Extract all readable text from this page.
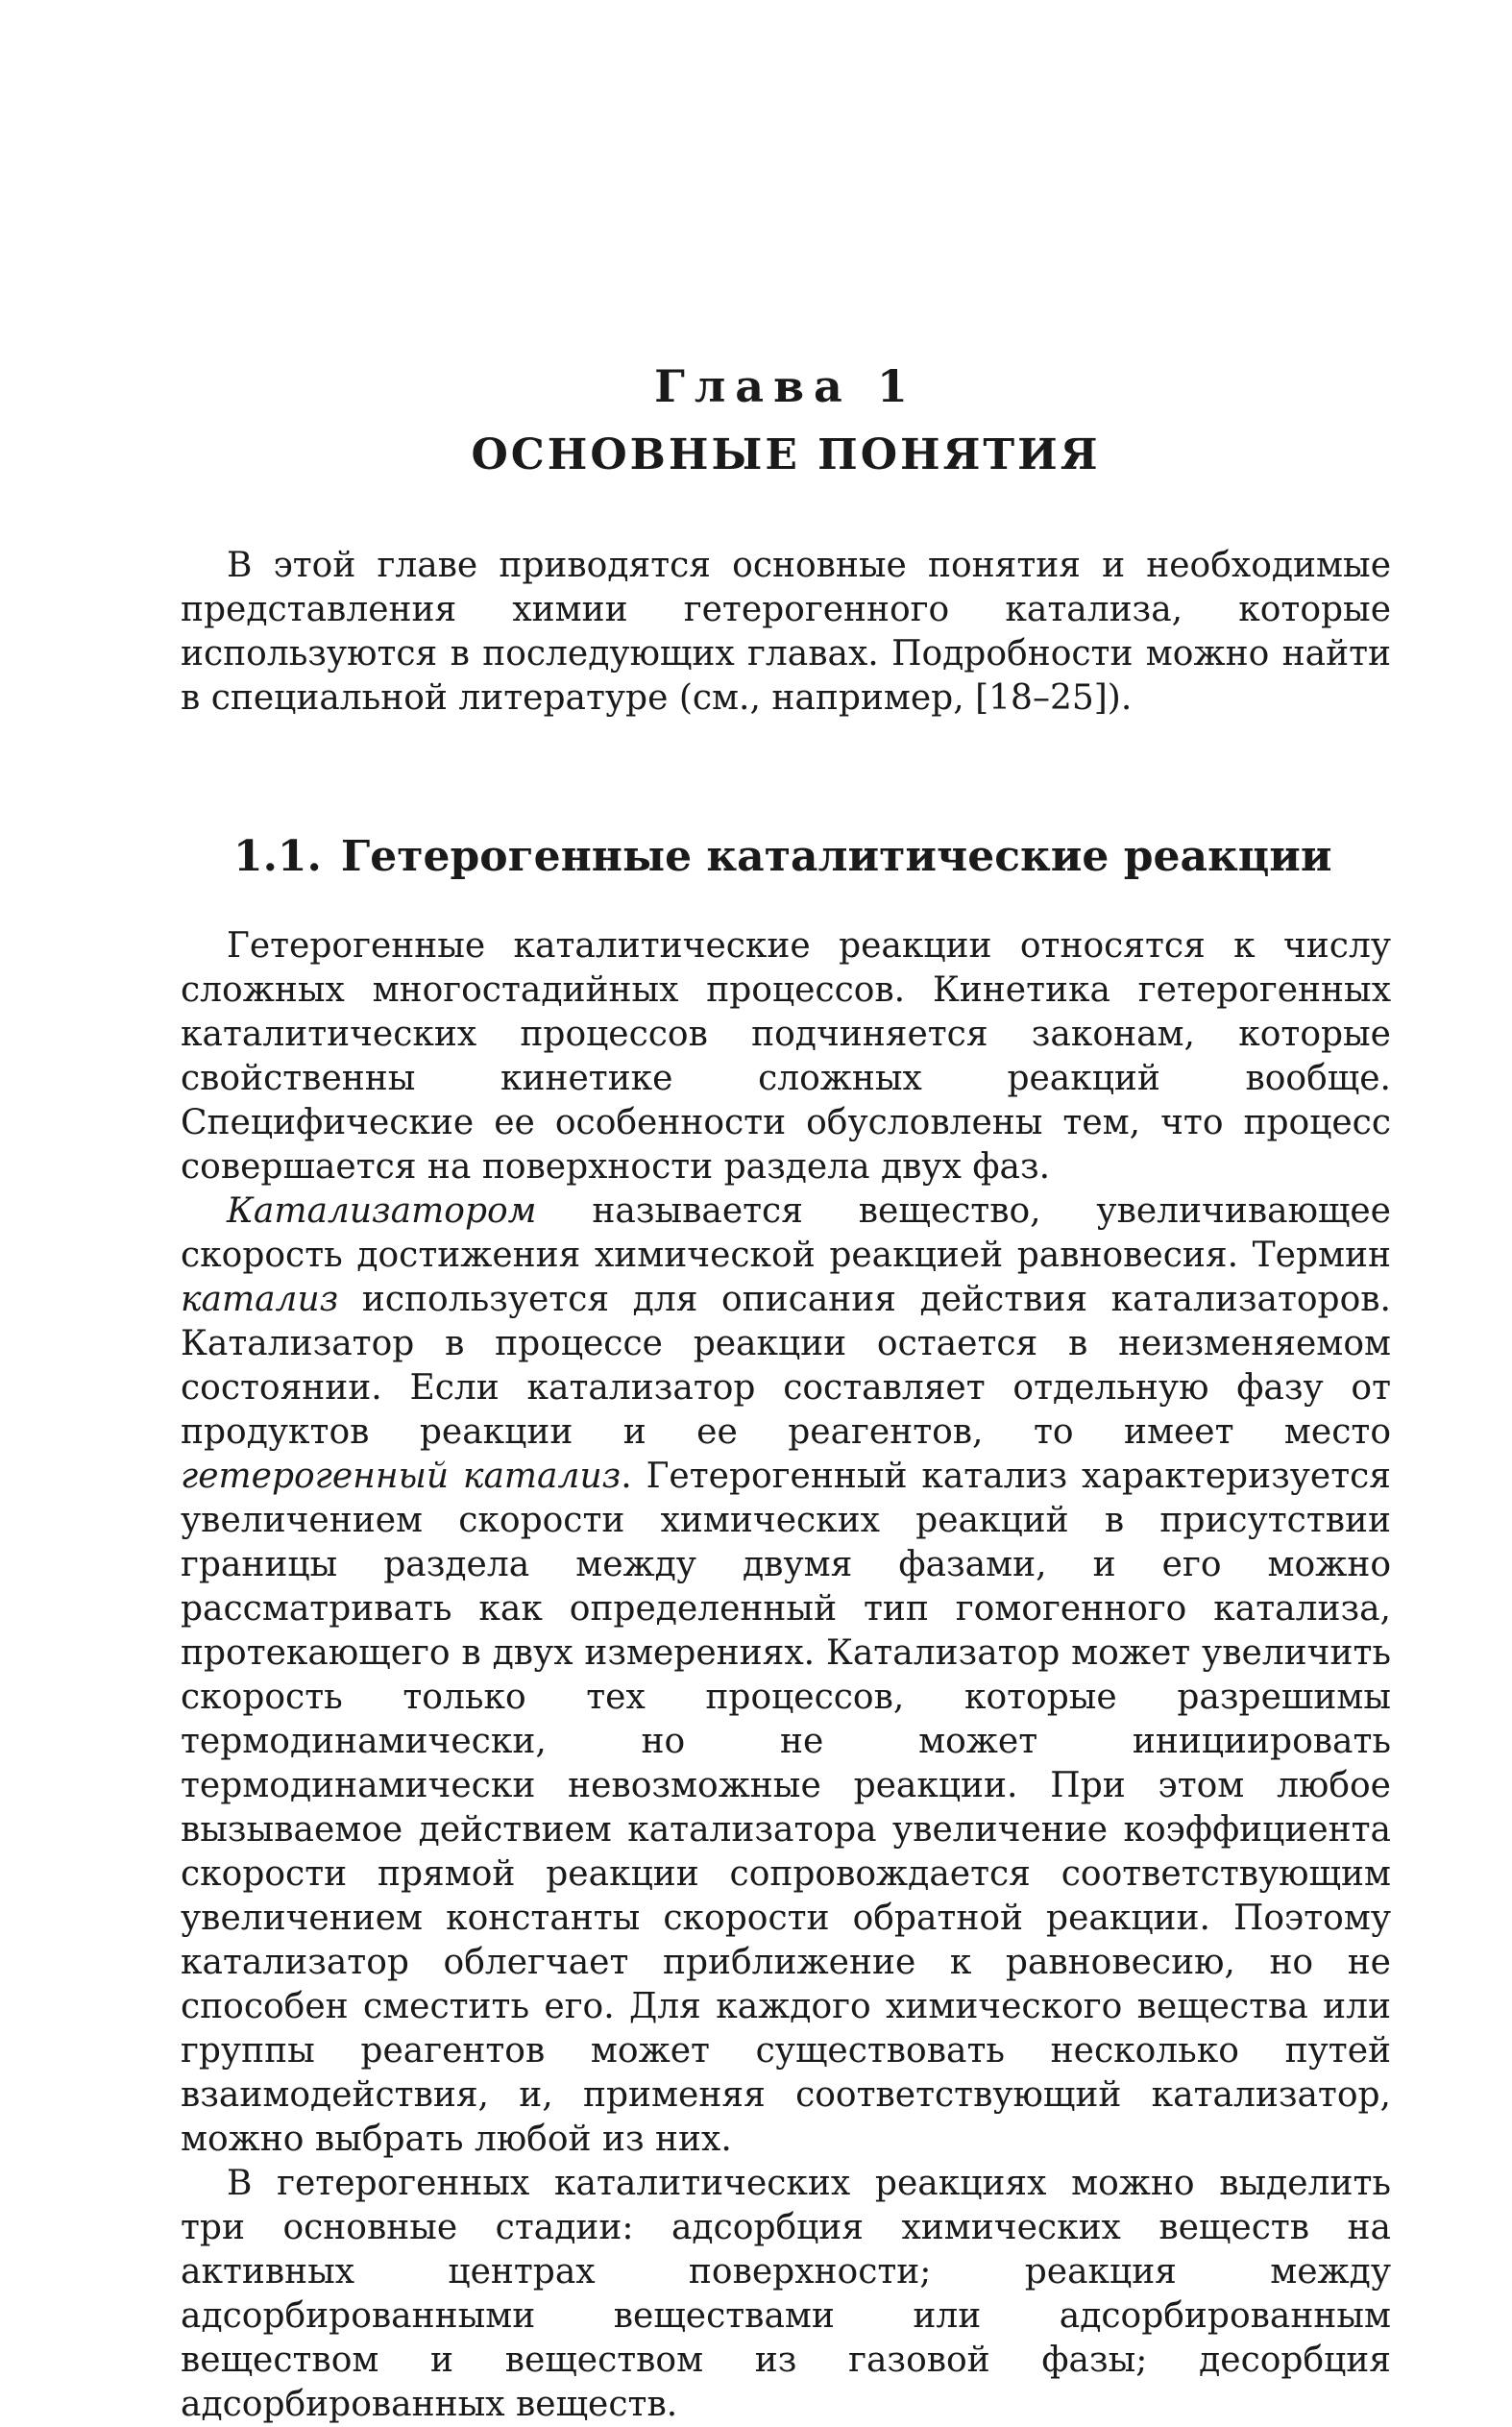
Глава 1
ОСНОВНЫЕ ПОНЯТИЯ

В этой главе приводятся основные понятия и необходимые представления химии гетерогенного катализа, которые используются в последующих главах. Подробности можно найти в специальной литературе (см., например, [18–25]).

1.1. Гетерогенные каталитические реакции

Гетерогенные каталитические реакции относятся к числу сложных многостадийных процессов. Кинетика гетерогенных каталитических процессов подчиняется законам, которые свойственны кинетике сложных реакций вообще. Специфические ее особенности обусловлены тем, что процесс совершается на поверхности раздела двух фаз.

Катализатором называется вещество, увеличивающее скорость достижения химической реакцией равновесия. Термин катализ используется для описания действия катализаторов. Катализатор в процессе реакции остается в неизменяемом состоянии. Если катализатор составляет отдельную фазу от продуктов реакции и ее реагентов, то имеет место гетерогенный катализ. Гетерогенный катализ характеризуется увеличением скорости химических реакций в присутствии границы раздела между двумя фазами, и его можно рассматривать как определенный тип гомогенного катализа, протекающего в двух измерениях. Катализатор может увеличить скорость только тех процессов, которые разрешимы термодинамически, но не может инициировать термодинамически невозможные реакции. При этом любое вызываемое действием катализатора увеличение коэффициента скорости прямой реакции сопровождается соответствующим увеличением константы скорости обратной реакции. Поэтому катализатор облегчает приближение к равновесию, но не способен сместить его. Для каждого химического вещества или группы реагентов может существовать несколько путей взаимодействия, и, применяя соответствующий катализатор, можно выбрать любой из них.

В гетерогенных каталитических реакциях можно выделить три основные стадии: адсорбция химических веществ на активных центрах поверхности; реакция между адсорбированными веществами или адсорбированным веществом и веществом из газовой фазы; десорбция адсорбированных веществ.
